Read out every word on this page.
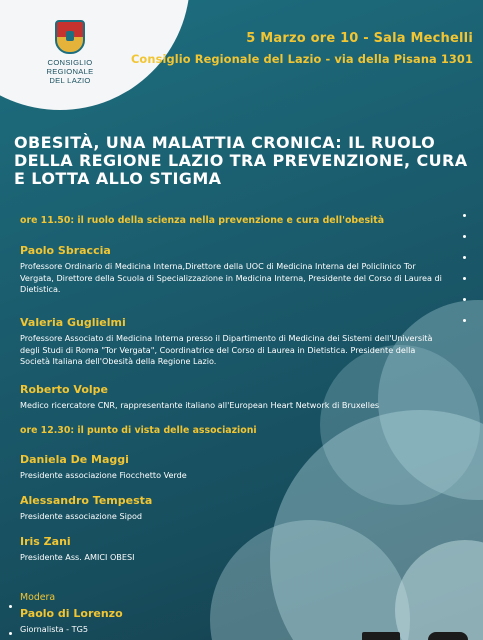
CONSIGLIO
REGIONALE
DEL LAZIO
5 Marzo ore 10 - Sala Mechelli
Consiglio Regionale del Lazio - via della Pisana 1301
OBESITÀ, UNA MALATTIA CRONICA: IL RUOLO DELLA REGIONE LAZIO TRA PREVENZIONE, CURA E LOTTA ALLO STIGMA
ore 11.50: il ruolo della scienza nella prevenzione e cura dell'obesità
Paolo Sbraccia
Professore Ordinario di Medicina Interna,Direttore della UOC di Medicina Interna del Policlinico Tor Vergata, Direttore della Scuola di Specializzazione in Medicina Interna, Presidente del Corso di Laurea di Dietistica.
Valeria Guglielmi
Professore Associato di Medicina Interna presso il Dipartimento di Medicina dei Sistemi dell'Università degli Studi di Roma "Tor Vergata", Coordinatrice del Corso di Laurea in Dietistica. Presidente della Società Italiana dell'Obesità della Regione Lazio.
Roberto Volpe
Medico ricercatore CNR, rappresentante italiano all'European Heart Network di Bruxelles
ore 12.30: il punto di vista delle associazioni
Daniela De Maggi
Presidente associazione Fiocchetto Verde
Alessandro Tempesta
Presidente associazione Sipod
Iris Zani
Presidente Ass. AMICI OBESI
Modera
Paolo di Lorenzo
Giornalista - TG5
